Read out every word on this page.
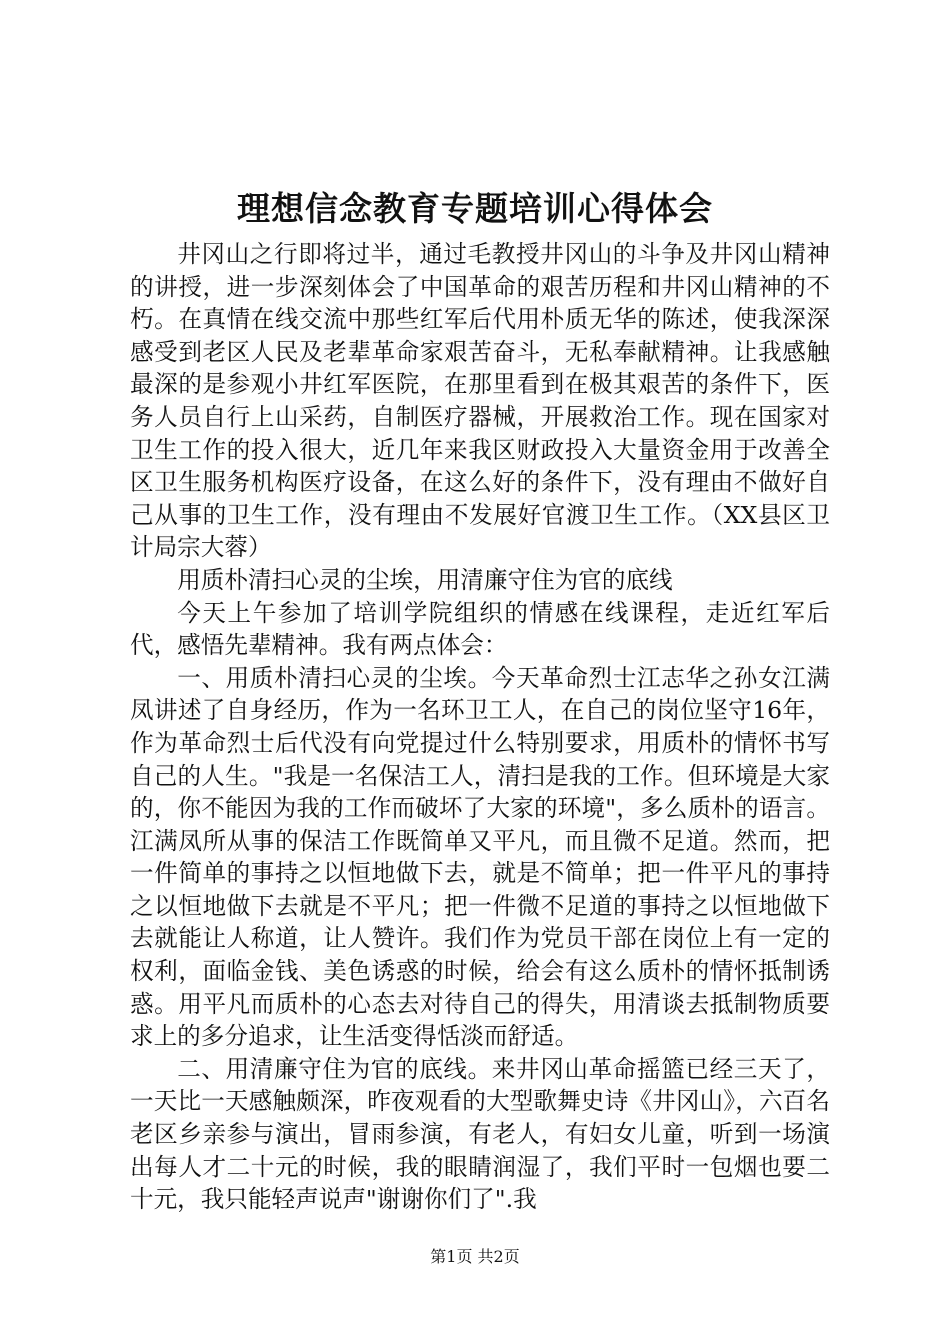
理想信念教育专题培训心得体会

井冈山之行即将过半，通过毛教授井冈山的斗争及井冈山精神的讲授，进一步深刻体会了中国革命的艰苦历程和井冈山精神的不朽。在真情在线交流中那些红军后代用朴质无华的陈述，使我深深感受到老区人民及老辈革命家艰苦奋斗，无私奉献精神。让我感触最深的是参观小井红军医院，在那里看到在极其艰苦的条件下，医务人员自行上山采药，自制医疗器械，开展救治工作。现在国家对卫生工作的投入很大，近几年来我区财政投入大量资金用于改善全区卫生服务机构医疗设备，在这么好的条件下，没有理由不做好自己从事的卫生工作，没有理由不发展好官渡卫生工作。（XX县区卫计局宗大蓉）

用质朴清扫心灵的尘埃，用清廉守住为官的底线

今天上午参加了培训学院组织的情感在线课程，走近红军后代，感悟先辈精神。我有两点体会：

一、用质朴清扫心灵的尘埃。今天革命烈士江志华之孙女江满凤讲述了自身经历，作为一名环卫工人，在自己的岗位坚守16年，作为革命烈士后代没有向党提过什么特别要求，用质朴的情怀书写自己的人生。"我是一名保洁工人，清扫是我的工作。但环境是大家的，你不能因为我的工作而破坏了大家的环境"，多么质朴的语言。江满凤所从事的保洁工作既简单又平凡，而且微不足道。然而，把一件简单的事持之以恒地做下去，就是不简单；把一件平凡的事持之以恒地做下去就是不平凡；把一件微不足道的事持之以恒地做下去就能让人称道，让人赞许。我们作为党员干部在岗位上有一定的权利，面临金钱、美色诱惑的时候，给会有这么质朴的情怀抵制诱惑。用平凡而质朴的心态去对待自己的得失，用清谈去抵制物质要求上的多分追求，让生活变得恬淡而舒适。

二、用清廉守住为官的底线。来井冈山革命摇篮已经三天了，一天比一天感触颇深，昨夜观看的大型歌舞史诗《井冈山》，六百名老区乡亲参与演出，冒雨参演，有老人，有妇女儿童，听到一场演出每人才二十元的时候，我的眼睛润湿了，我们平时一包烟也要二十元，我只能轻声说声"谢谢你们了".我

第1页 共2页
